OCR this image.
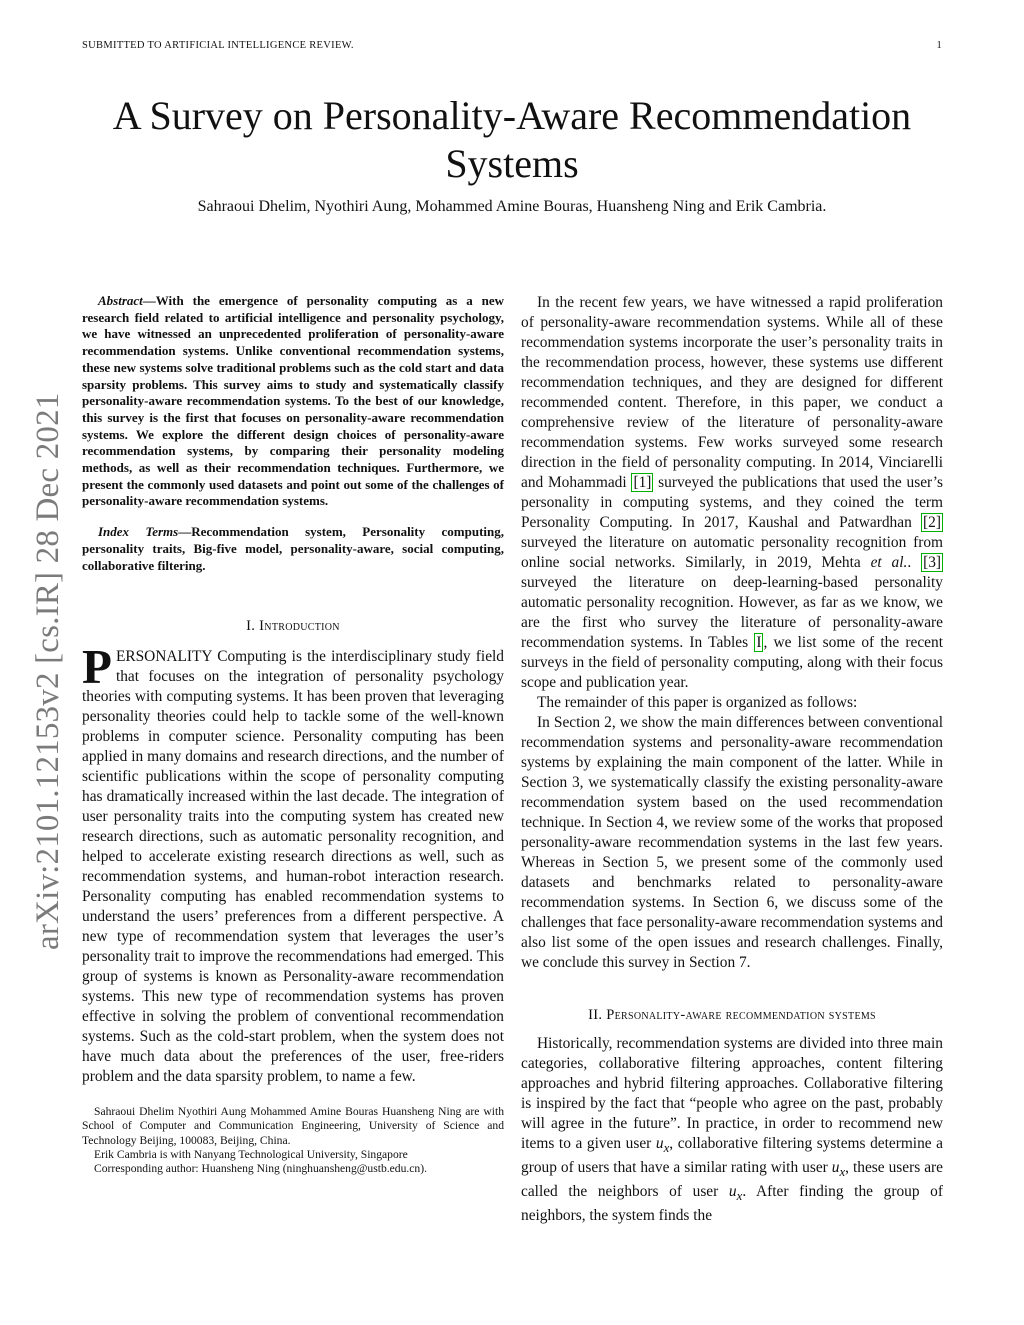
SUBMITTED TO ARTIFICIAL INTELLIGENCE REVIEW.	1
arXiv:2101.12153v2 [cs.IR] 28 Dec 2021
A Survey on Personality-Aware Recommendation Systems

Sahraoui Dhelim, Nyothiri Aung, Mohammed Amine Bouras, Huansheng Ning and Erik Cambria.

Abstract—With the emergence of personality computing as a new research field related to artificial intelligence and personality psychology, we have witnessed an unprecedented proliferation of personality-aware recommendation systems. Unlike conventional recommendation systems, these new systems solve traditional problems such as the cold start and data sparsity problems. This survey aims to study and systematically classify personality-aware recommendation systems. To the best of our knowledge, this survey is the first that focuses on personality-aware recommendation systems. We explore the different design choices of personality-aware recommendation systems, by comparing their personality modeling methods, as well as their recommendation techniques. Furthermore, we present the commonly used datasets and point out some of the challenges of personality-aware recommendation systems.

Index Terms—Recommendation system, Personality computing, personality traits, Big-five model, personality-aware, social computing, collaborative filtering.

I. Introduction

PERSONALITY Computing is the interdisciplinary study field that focuses on the integration of personality psychology theories with computing systems. It has been proven that leveraging personality theories could help to tackle some of the well-known problems in computer science. Personality computing has been applied in many domains and research directions, and the number of scientific publications within the scope of personality computing has dramatically increased within the last decade. The integration of user personality traits into the computing system has created new research directions, such as automatic personality recognition, and helped to accelerate existing research directions as well, such as recommendation systems, and human-robot interaction research. Personality computing has enabled recommendation systems to understand the users’ preferences from a different perspective. A new type of recommendation system that leverages the user’s personality trait to improve the recommendations had emerged. This group of systems is known as Personality-aware recommendation systems. This new type of recommendation systems has proven effective in solving the problem of conventional recommendation systems. Such as the cold-start problem, when the system does not have much data about the preferences of the user, free-riders problem and the data sparsity problem, to name a few.

Sahraoui Dhelim Nyothiri Aung Mohammed Amine Bouras Huansheng Ning are with School of Computer and Communication Engineering, University of Science and Technology Beijing, 100083, Beijing, China.

Erik Cambria is with Nanyang Technological University, Singapore

Corresponding author: Huansheng Ning (ninghuansheng@ustb.edu.cn).

In the recent few years, we have witnessed a rapid proliferation of personality-aware recommendation systems. While all of these recommendation systems incorporate the user’s personality traits in the recommendation process, however, these systems use different recommendation techniques, and they are designed for different recommended content. Therefore, in this paper, we conduct a comprehensive review of the literature of personality-aware recommendation systems. Few works surveyed some research direction in the field of personality computing. In 2014, Vinciarelli and Mohammadi [1] surveyed the publications that used the user’s personality in computing systems, and they coined the term Personality Computing. In 2017, Kaushal and Patwardhan [2] surveyed the literature on automatic personality recognition from online social networks. Similarly, in 2019, Mehta et al.. [3] surveyed the literature on deep-learning-based personality automatic personality recognition. However, as far as we know, we are the first who survey the literature of personality-aware recommendation systems. In Tables I , we list some of the recent surveys in the field of personality computing, along with their focus scope and publication year.

The remainder of this paper is organized as follows:

In Section 2, we show the main differences between conventional recommendation systems and personality-aware recommendation systems by explaining the main component of the latter. While in Section 3, we systematically classify the existing personality-aware recommendation system based on the used recommendation technique. In Section 4, we review some of the works that proposed personality-aware recommendation systems in the last few years. Whereas in Section 5, we present some of the commonly used datasets and benchmarks related to personality-aware recommendation systems. In Section 6, we discuss some of the challenges that face personality-aware recommendation systems and also list some of the open issues and research challenges. Finally, we conclude this survey in Section 7.

II. Personality-aware recommendation systems

Historically, recommendation systems are divided into three main categories, collaborative filtering approaches, content filtering approaches and hybrid filtering approaches. Collaborative filtering is inspired by the fact that “people who agree on the past, probably will agree in the future”. In practice, in order to recommend new items to a given user $u_x$, collaborative filtering systems determine a group of users that have a similar rating with user $u_x$, these users are called the neighbors of user $u_x$. After finding the group of neighbors, the system finds the
